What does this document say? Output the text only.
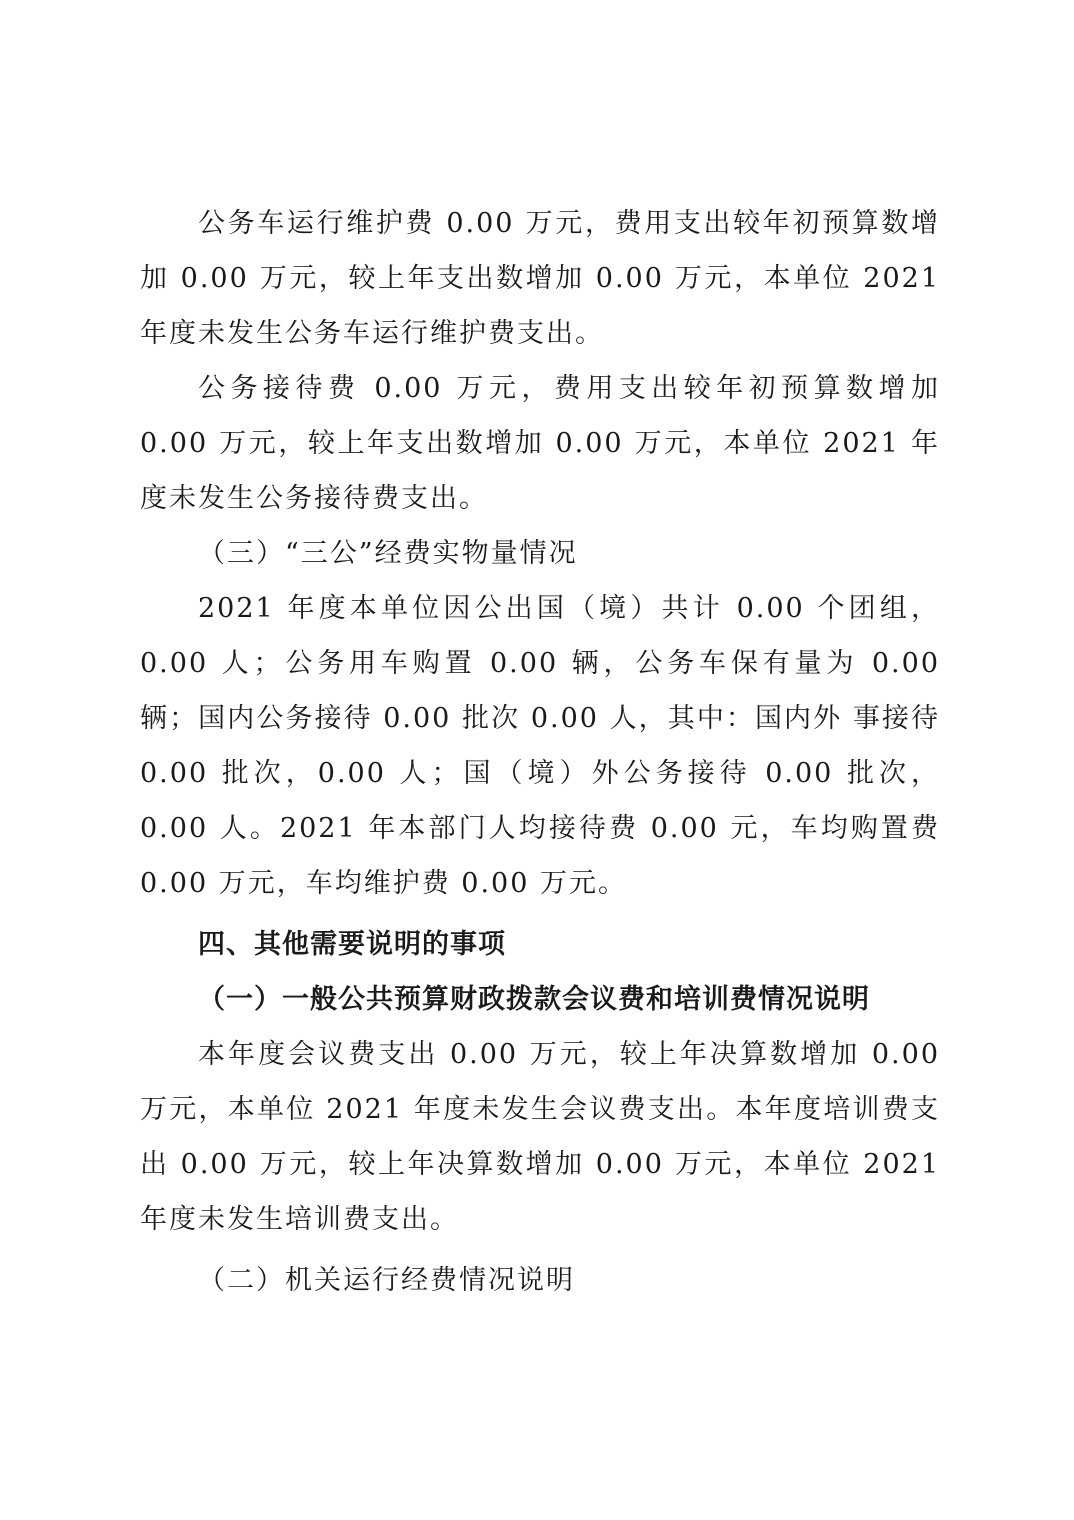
公务车运行维护费 0.00 万元，费用支出较年初预算数增加 0.00 万元，较上年支出数增加 0.00 万元，本单位 2021 年度未发生公务车运行维护费支出。

公务接待费 0.00 万元，费用支出较年初预算数增加 0.00 万元，较上年支出数增加 0.00 万元，本单位 2021 年度未发生公务接待费支出。

（三）“三公”经费实物量情况

2021 年度本单位因公出国（境）共计 0.00 个团组，0.00 人；公务用车购置 0.00 辆，公务车保有量为 0.00 辆；国内公务接待 0.00 批次 0.00 人，其中：国内外 事接待 0.00 批次，0.00 人；国（境）外公务接待 0.00 批次，0.00 人。2021 年本部门人均接待费 0.00 元，车均购置费 0.00 万元，车均维护费 0.00 万元。

四、其他需要说明的事项

（一）一般公共预算财政拨款会议费和培训费情况说明

本年度会议费支出 0.00 万元，较上年决算数增加 0.00 万元，本单位 2021 年度未发生会议费支出。本年度培训费支出 0.00 万元，较上年决算数增加 0.00 万元，本单位 2021 年度未发生培训费支出。

（二）机关运行经费情况说明
